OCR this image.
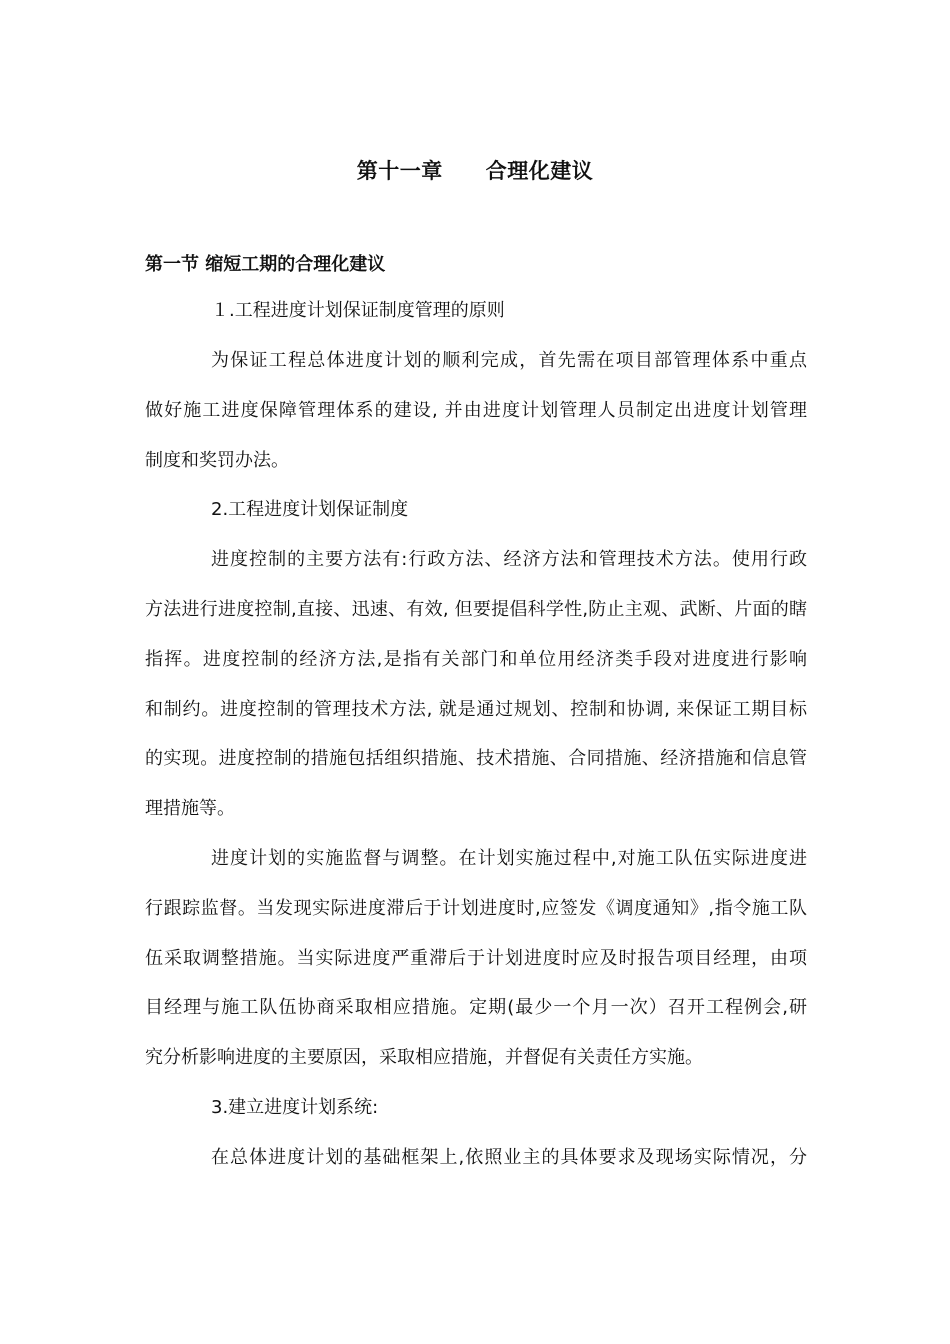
第十一章　　合理化建议
第一节 缩短工期的合理化建议
１.工程进度计划保证制度管理的原则
为保证工程总体进度计划的顺利完成，首先需在项目部管理体系中重点
做好施工进度保障管理体系的建设, 并由进度计划管理人员制定出进度计划管理
制度和奖罚办法。
2.工程进度计划保证制度
进度控制的主要方法有:行政方法、经济方法和管理技术方法。使用行政
方法进行进度控制,直接、迅速、有效, 但要提倡科学性,防止主观、武断、片面的瞎
指挥。进度控制的经济方法,是指有关部门和单位用经济类手段对进度进行影响
和制约。进度控制的管理技术方法, 就是通过规划、控制和协调, 来保证工期目标
的实现。进度控制的措施包括组织措施、技术措施、合同措施、经济措施和信息管
理措施等。
进度计划的实施监督与调整。在计划实施过程中,对施工队伍实际进度进
行跟踪监督。当发现实际进度滞后于计划进度时,应签发《调度通知》,指令施工队
伍采取调整措施。当实际进度严重滞后于计划进度时应及时报告项目经理，由项
目经理与施工队伍协商采取相应措施。定期(最少一个月一次）召开工程例会,研
究分析影响进度的主要原因，采取相应措施，并督促有关责任方实施。
3.建立进度计划系统:
在总体进度计划的基础框架上,依照业主的具体要求及现场实际情况，分
